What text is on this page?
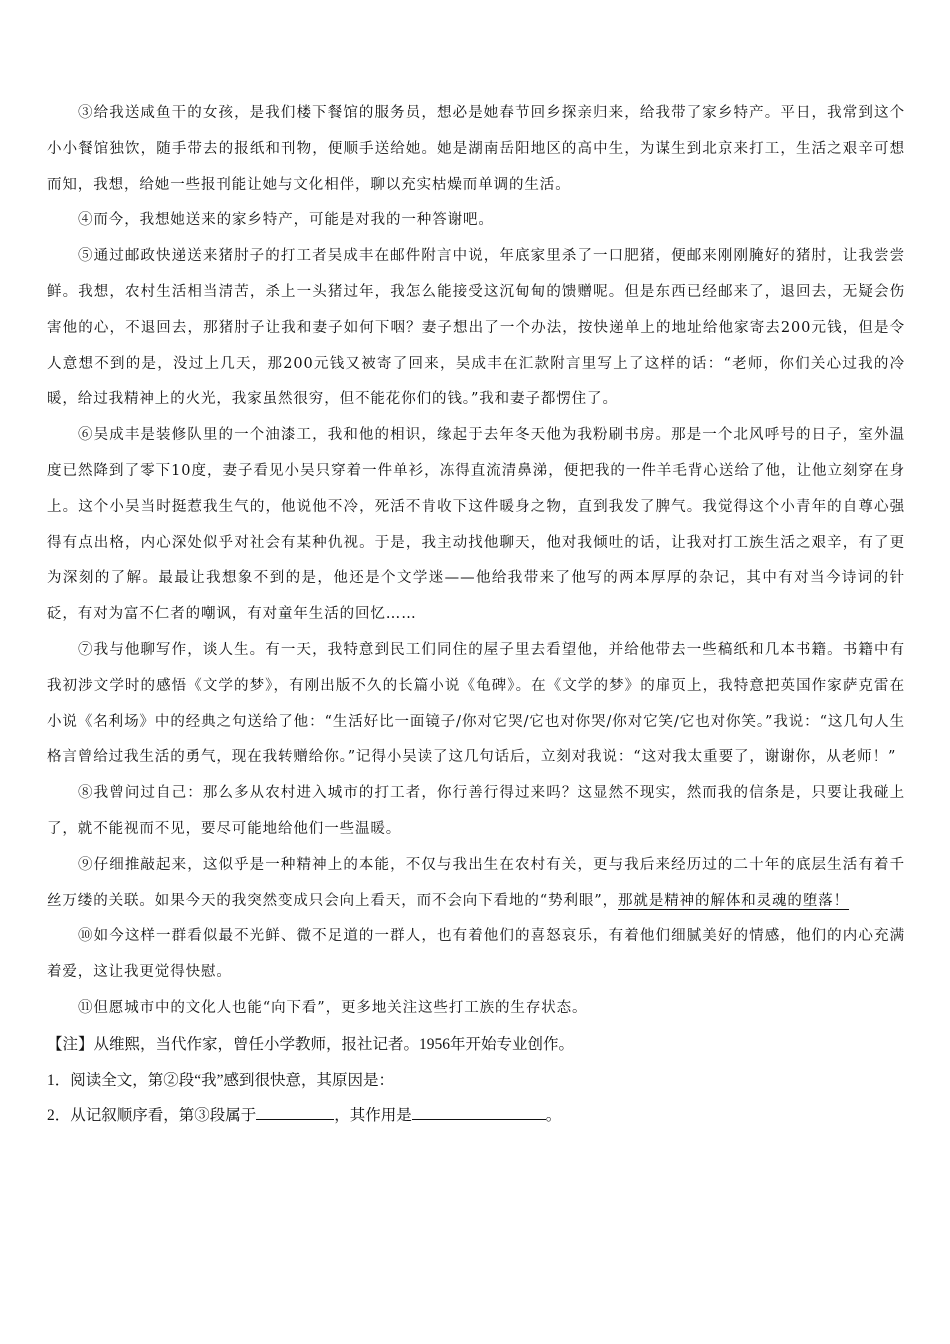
③给我送咸鱼干的女孩，是我们楼下餐馆的服务员，想必是她春节回乡探亲归来，给我带了家乡特产。平日，我常到这个小小餐馆独饮，随手带去的报纸和刊物，便顺手送给她。她是湖南岳阳地区的高中生，为谋生到北京来打工，生活之艰辛可想而知，我想，给她一些报刊能让她与文化相伴，聊以充实枯燥而单调的生活。

④而今，我想她送来的家乡特产，可能是对我的一种答谢吧。

⑤通过邮政快递送来猪肘子的打工者吴成丰在邮件附言中说，年底家里杀了一口肥猪，便邮来刚刚腌好的猪肘，让我尝尝鲜。我想，农村生活相当清苦，杀上一头猪过年，我怎么能接受这沉甸甸的馈赠呢。但是东西已经邮来了，退回去，无疑会伤害他的心，不退回去，那猪肘子让我和妻子如何下咽？妻子想出了一个办法，按快递单上的地址给他家寄去200元钱，但是令人意想不到的是，没过上几天，那200元钱又被寄了回来，吴成丰在汇款附言里写上了这样的话：“老师，你们关心过我的冷暖，给过我精神上的火光，我家虽然很穷，但不能花你们的钱。”我和妻子都愣住了。

⑥吴成丰是装修队里的一个油漆工，我和他的相识，缘起于去年冬天他为我粉刷书房。那是一个北风呼号的日子，室外温度已然降到了零下10度，妻子看见小吴只穿着一件单衫，冻得直流清鼻涕，便把我的一件羊毛背心送给了他，让他立刻穿在身上。这个小吴当时挺惹我生气的，他说他不冷，死活不肯收下这件暖身之物，直到我发了脾气。我觉得这个小青年的自尊心强得有点出格，内心深处似乎对社会有某种仇视。于是，我主动找他聊天，他对我倾吐的话，让我对打工族生活之艰辛，有了更为深刻的了解。最最让我想象不到的是，他还是个文学迷——他给我带来了他写的两本厚厚的杂记，其中有对当今诗词的针砭，有对为富不仁者的嘲讽，有对童年生活的回忆……

⑦我与他聊写作，谈人生。有一天，我特意到民工们同住的屋子里去看望他，并给他带去一些稿纸和几本书籍。书籍中有我初涉文学时的感悟《文学的梦》，有刚出版不久的长篇小说《龟碑》。在《文学的梦》的扉页上，我特意把英国作家萨克雷在小说《名利场》中的经典之句送给了他：“生活好比一面镜子/你对它哭/它也对你哭/你对它笑/它也对你笑。”我说：“这几句人生格言曾给过我生活的勇气，现在我转赠给你。”记得小吴读了这几句话后，立刻对我说：“这对我太重要了，谢谢你，从老师！”

⑧我曾问过自己：那么多从农村进入城市的打工者，你行善行得过来吗？这显然不现实，然而我的信条是，只要让我碰上了，就不能视而不见，要尽可能地给他们一些温暖。

⑨仔细推敲起来，这似乎是一种精神上的本能，不仅与我出生在农村有关，更与我后来经历过的二十年的底层生活有着千丝万缕的关联。如果今天的我突然变成只会向上看天，而不会向下看地的“势利眼”，那就是精神的解体和灵魂的堕落！

⑩如今这样一群看似最不光鲜、微不足道的一群人，也有着他们的喜怒哀乐，有着他们细腻美好的情感，他们的内心充满着爱，这让我更觉得快慰。

⑪但愿城市中的文化人也能“向下看”，更多地关注这些打工族的生存状态。

【注】从维熙，当代作家，曾任小学教师，报社记者。1956年开始专业创作。

1．阅读全文，第②段“我”感到很快意，其原因是：

2．从记叙顺序看，第③段属于	，其作用是	。
